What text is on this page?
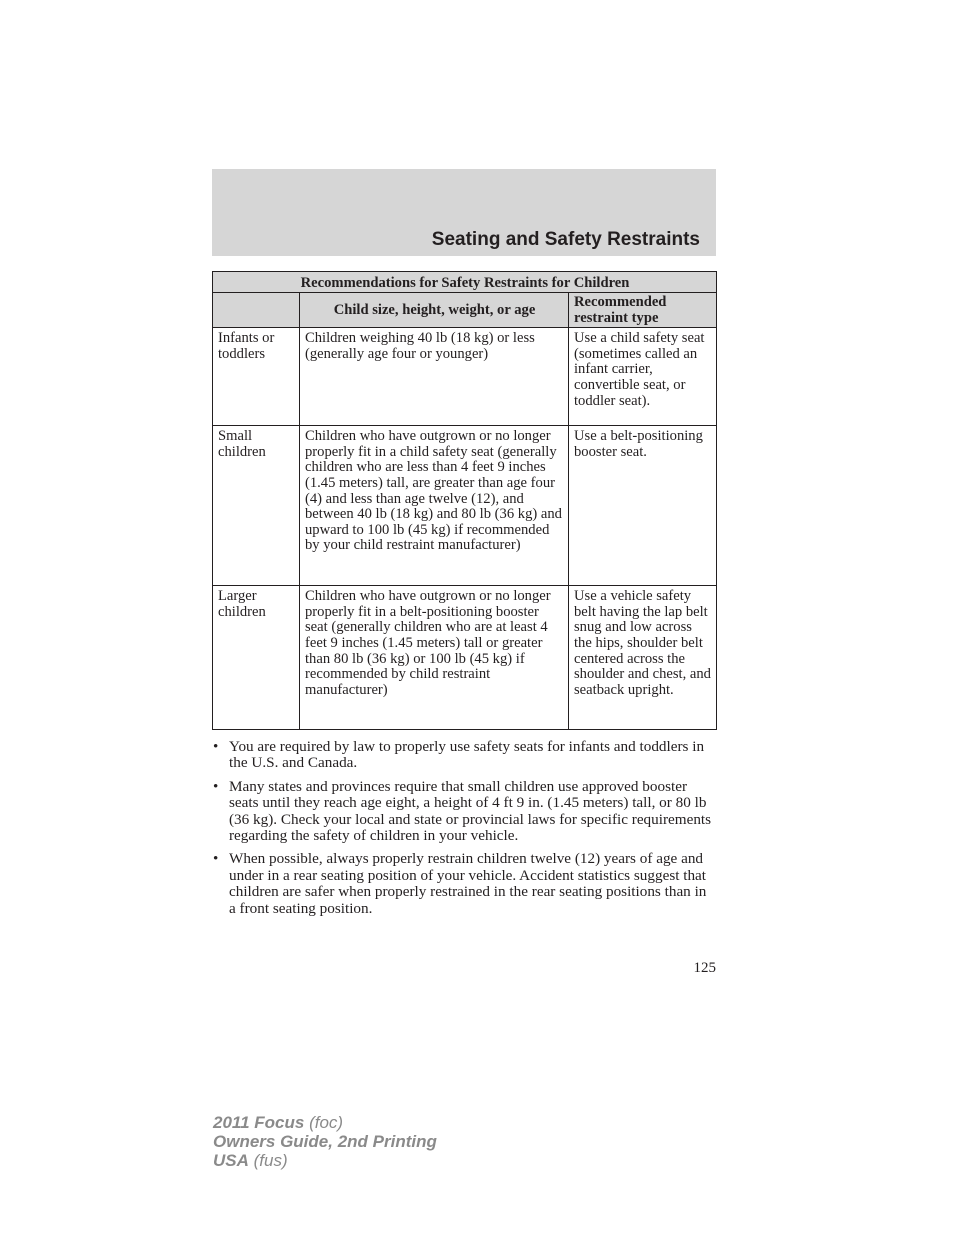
Seating and Safety Restraints
Recommendations for Safety Restraints for Children		
	Child size, height, weight, or age	Recommended restraint type
Infants or toddlers	Children weighing 40 lb (18 kg) or less (generally age four or younger)	Use a child safety seat (sometimes called an infant carrier, convertible seat, or toddler seat).
Small children	Children who have outgrown or no longer properly fit in a child safety seat (generally children who are less than 4 feet 9 inches (1.45 meters) tall, are greater than age four (4) and less than age twelve (12), and between 40 lb (18 kg) and 80 lb (36 kg) and upward to 100 lb (45 kg) if recommended by your child restraint manufacturer)	Use a belt-positioning booster seat.
Larger children	Children who have outgrown or no longer properly fit in a belt-positioning booster seat (generally children who are at least 4 feet 9 inches (1.45 meters) tall or greater than 80 lb (36 kg) or 100 lb (45 kg) if recommended by child restraint manufacturer)	Use a vehicle safety belt having the lap belt snug and low across the hips, shoulder belt centered across the shoulder and chest, and seatback upright.
• You are required by law to properly use safety seats for infants and toddlers in the U.S. and Canada.
• Many states and provinces require that small children use approved booster seats until they reach age eight, a height of 4 ft 9 in. (1.45 meters) tall, or 80 lb (36 kg). Check your local and state or provincial laws for specific requirements regarding the safety of children in your vehicle.
• When possible, always properly restrain children twelve (12) years of age and under in a rear seating position of your vehicle. Accident statistics suggest that children are safer when properly restrained in the rear seating positions than in a front seating position.
125
2011 Focus (foc)
Owners Guide, 2nd Printing
USA (fus)
